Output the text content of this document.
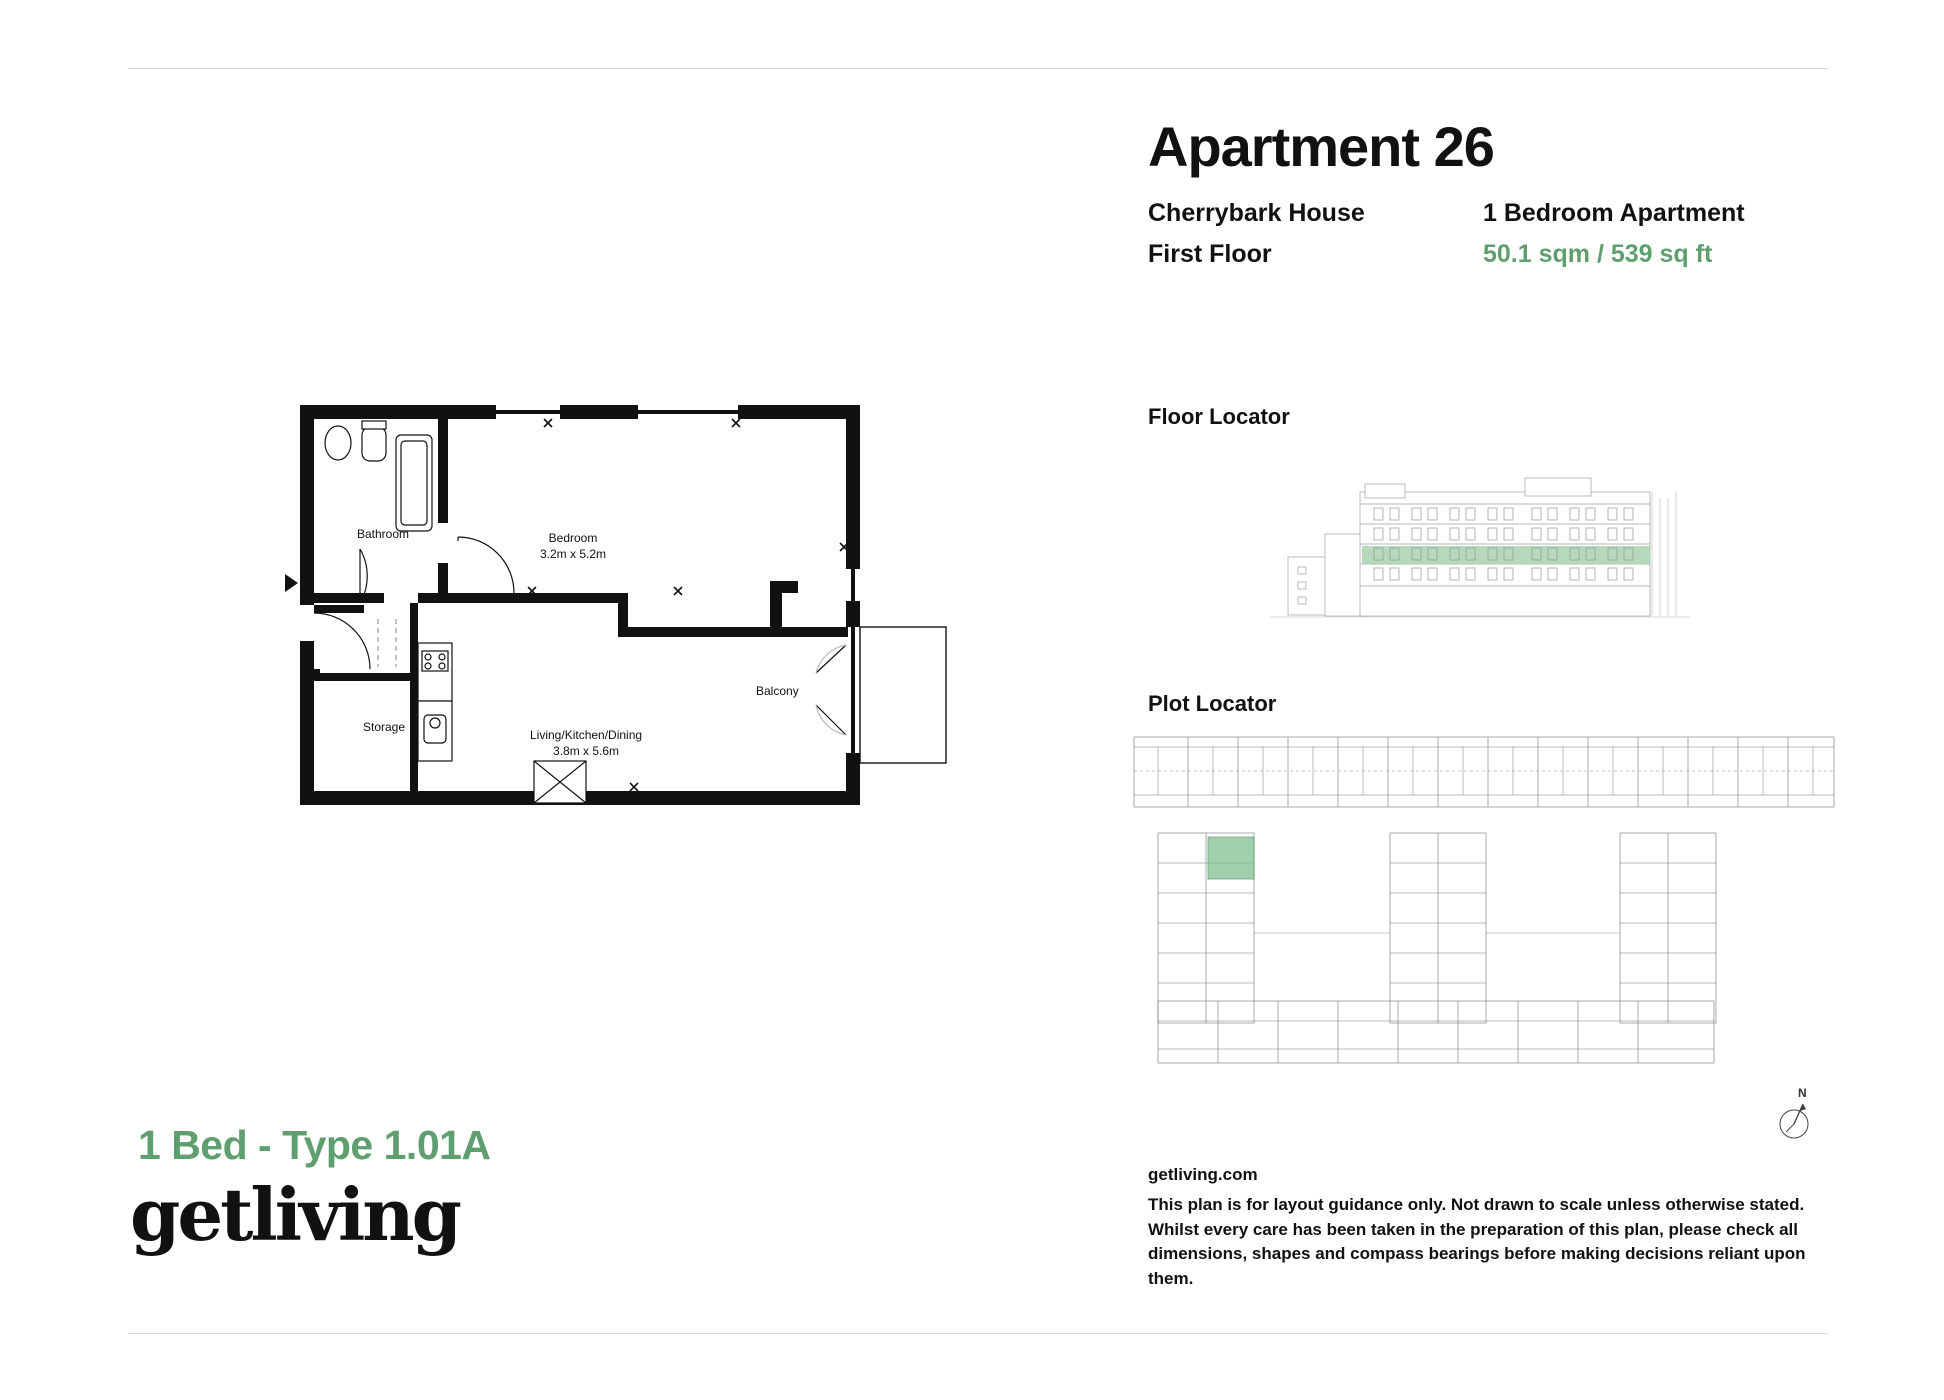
Apartment 26
Cherrybark House	1 Bedroom Apartment
First Floor	50.1 sqm / 539 sq ft
Floor Locator
Plot Locator
N
getliving.com
This plan is for layout guidance only. Not drawn to scale unless otherwise stated. Whilst every care has been taken in the preparation of this plan, please check all dimensions, shapes and compass bearings before making decisions reliant upon them.
1 Bed - Type 1.01A
getliving
Bathroom	Bedroom
3.2m x 5.2m
Storage
Living/Kitchen/Dining
3.8m x 5.6m
Balcony
